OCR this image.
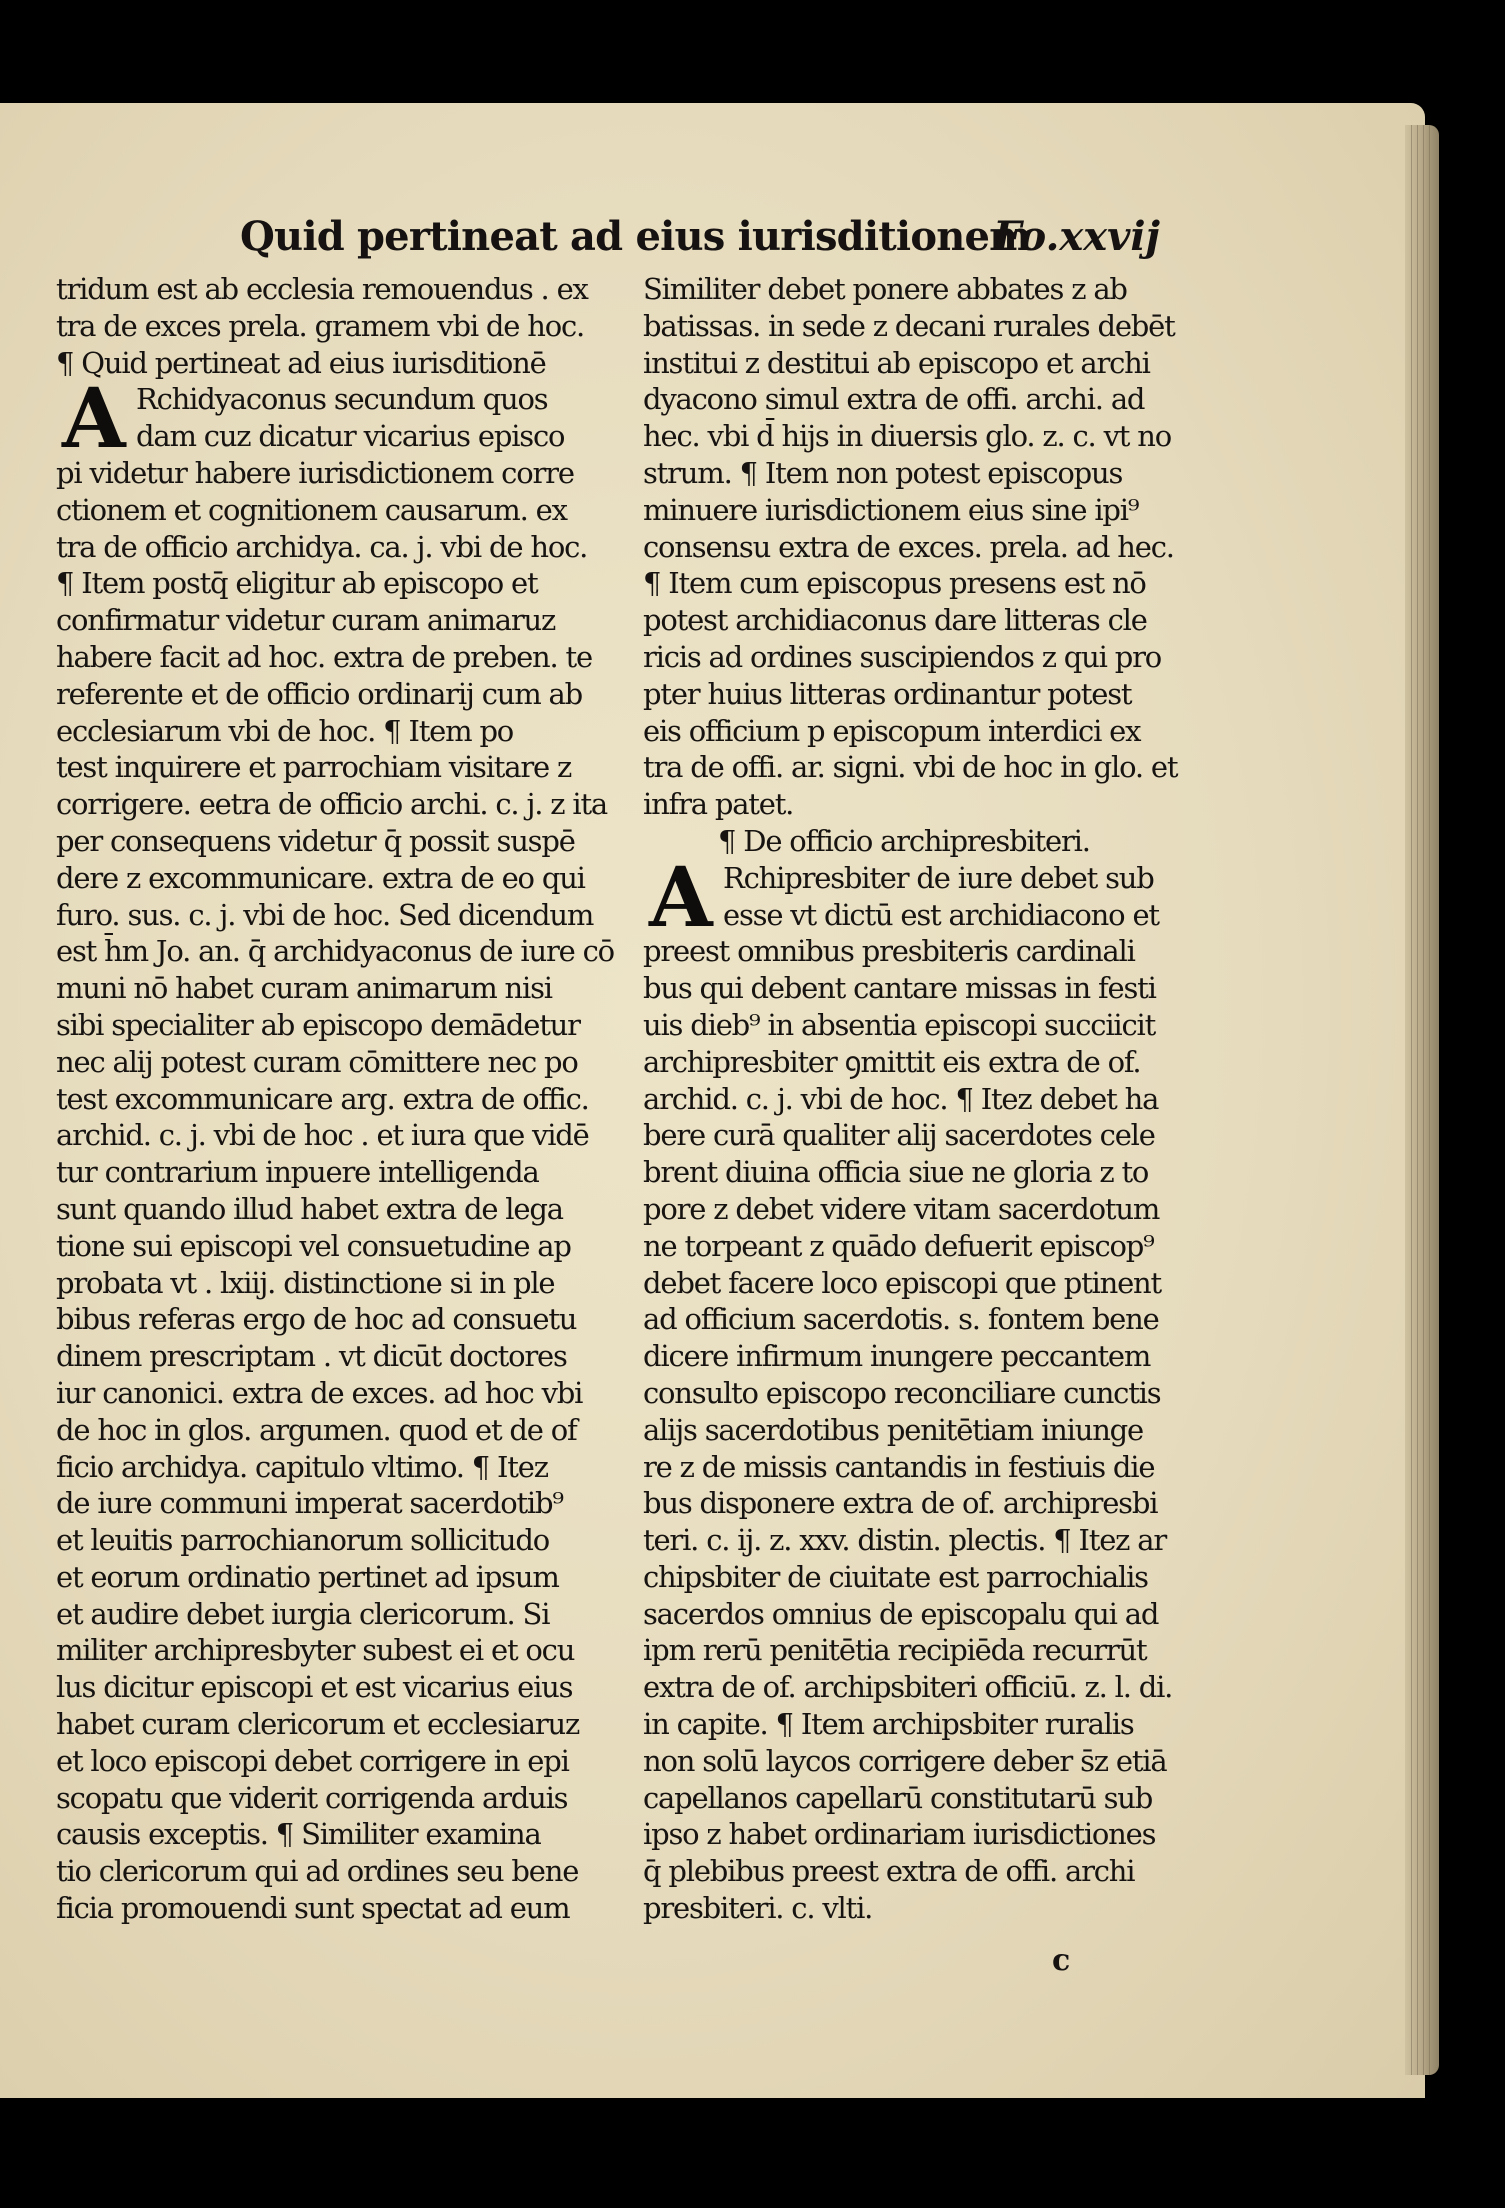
Quid pertineat ad eius iurisditionem
Fo.xxvij
tridum est ab ecclesia remouendus . ex
tra de exces prela. gramem vbi de hoc.
¶ Quid pertineat ad eius iurisditionē
A Rchidyaconus secundum quos
dam cuz dicatur vicarius episco
pi videtur habere iurisdictionem corre
ctionem et cognitionem causarum. ex
tra de officio archidya. ca. j. vbi de hoc.
¶ Item postq̄ eligitur ab episcopo et
confirmatur videtur curam animaruz
habere facit ad hoc. extra de preben. te
referente et de officio ordinarij cum ab
ecclesiarum vbi de hoc. ¶ Item po
test inquirere et parrochiam visitare z
corrigere. eetra de officio archi. c. j. z ita
per consequens videtur q̄ possit suspē
dere z excommunicare. extra de eo qui
furo. sus. c. j. vbi de hoc. Sed dicendum
est h̄m Jo. an. q̄ archidyaconus de iure cō
muni nō habet curam animarum nisi
sibi specialiter ab episcopo demādetur
nec alij potest curam cōmittere nec po
test excommunicare arg. extra de offic.
archid. c. j. vbi de hoc . et iura que vidē
tur contrarium inpuere intelligenda
sunt quando illud habet extra de lega
tione sui episcopi vel consuetudine ap
probata vt . lxiij. distinctione si in ple
bibus referas ergo de hoc ad consuetu
dinem prescriptam . vt dicūt doctores
iur canonici. extra de exces. ad hoc vbi
de hoc in glos. argumen. quod et de of
ficio archidya. capitulo vltimo. ¶ Itez
de iure communi imperat sacerdotib⁹
et leuitis parrochianorum sollicitudo
et eorum ordinatio pertinet ad ipsum
et audire debet iurgia clericorum. Si
militer archipresbyter subest ei et ocu
lus dicitur episcopi et est vicarius eius
habet curam clericorum et ecclesiaruz
et loco episcopi debet corrigere in epi
scopatu que viderit corrigenda arduis
causis exceptis. ¶ Similiter examina
tio clericorum qui ad ordines seu bene
ficia promouendi sunt spectat ad eum
Similiter debet ponere abbates z ab
batissas. in sede z decani rurales debēt
institui z destitui ab episcopo et archi
dyacono simul extra de offi. archi. ad
hec. vbi d̄ hijs in diuersis glo. z. c. vt no
strum. ¶ Item non potest episcopus
minuere iurisdictionem eius sine ipi⁹
consensu extra de exces. prela. ad hec.
¶ Item cum episcopus presens est nō
potest archidiaconus dare litteras cle
ricis ad ordines suscipiendos z qui pro
pter huius litteras ordinantur potest
eis officium p episcopum interdici ex
tra de offi. ar. signi. vbi de hoc in glo. et
infra patet.
¶ De officio archipresbiteri.
A Rchipresbiter de iure debet sub
esse vt dictū est archidiacono et
preest omnibus presbiteris cardinali
bus qui debent cantare missas in festi
uis dieb⁹ in absentia episcopi succiicit
archipresbiter ꝯmittit eis extra de of.
archid. c. j. vbi de hoc. ¶ Itez debet ha
bere curā qualiter alij sacerdotes cele
brent diuina officia siue ne gloria z to
pore z debet videre vitam sacerdotum
ne torpeant z quādo defuerit episcop⁹
debet facere loco episcopi que ptinent
ad officium sacerdotis. s. fontem bene
dicere infirmum inungere peccantem
consulto episcopo reconciliare cunctis
alijs sacerdotibus penitētiam iniunge
re z de missis cantandis in festiuis die
bus disponere extra de of. archipresbi
teri. c. ij. z. xxv. distin. plectis. ¶ Itez ar
chipsbiter de ciuitate est parrochialis
sacerdos omnius de episcopalu qui ad
ipm rerū penitētia recipiēda recurrūt
extra de of. archipsbiteri officiū. z. l. di.
in capite. ¶ Item archipsbiter ruralis
non solū laycos corrigere deber s̄z etiā
capellanos capellarū constitutarū sub
ipso z habet ordinariam iurisdictiones
q̄ plebibus preest extra de offi. archi
presbiteri. c. vlti.
c
